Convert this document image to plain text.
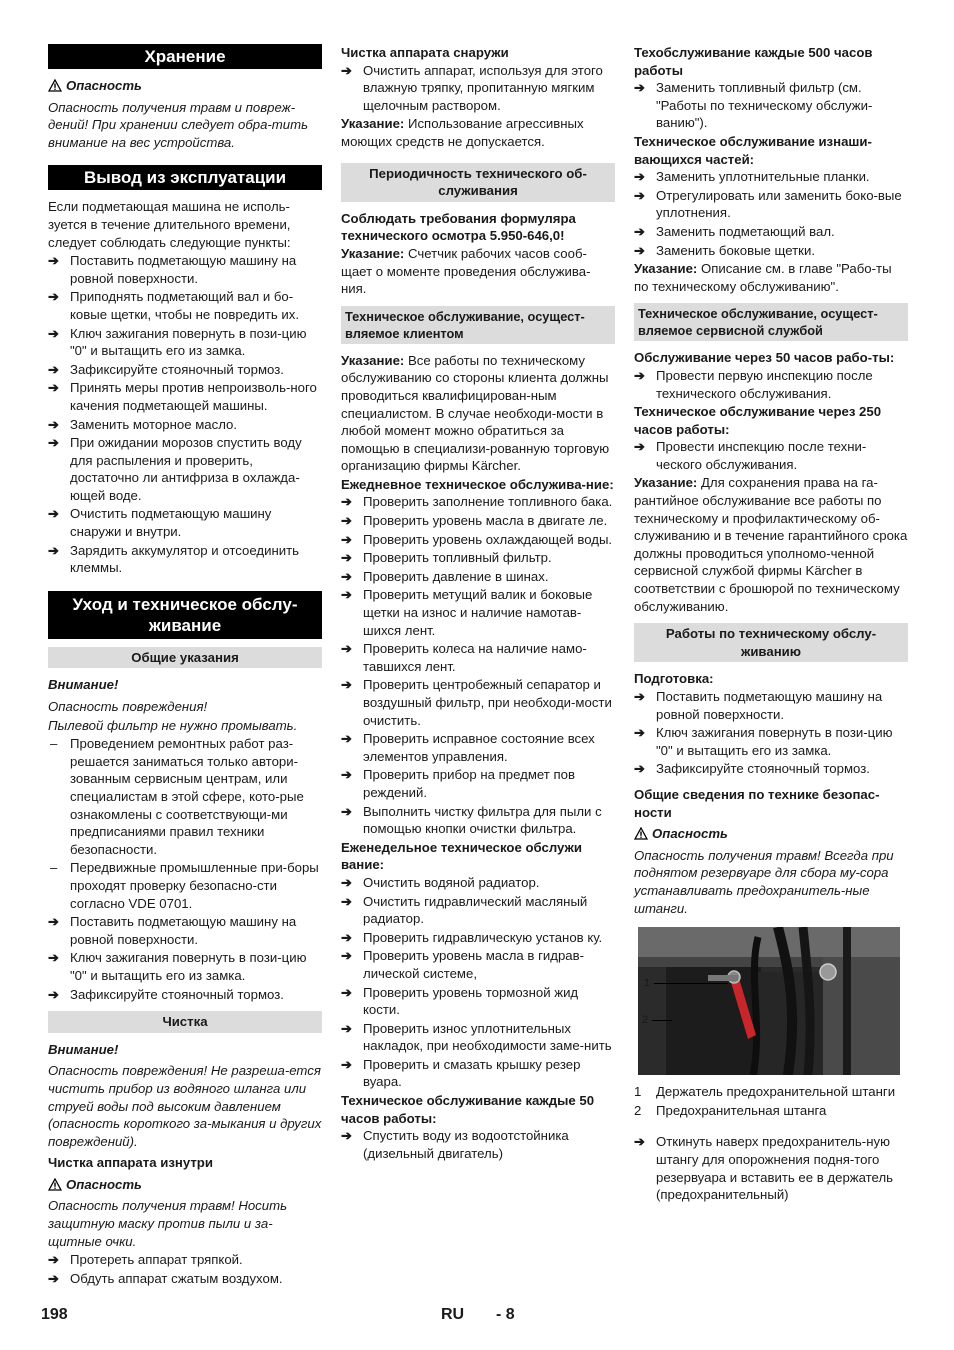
Хранение
Опасность
Опасность получения травм и повреж-дений! При хранении следует обра-тить внимание на вес устройства.
Вывод из эксплуатации
Если подметающая машина не исполь-зуется в течение длительного времени, следует соблюдать следующие пункты:
➔ Поставить подметающую машину на ровной поверхности.
➔ Приподнять подметающий вал и бо-ковые щетки, чтобы не повредить их.
➔ Ключ зажигания повернуть в пози-цию "0" и вытащить его из замка.
➔ Зафиксируйте стояночный тормоз.
➔ Принять меры против непроизволь-ного качения подметающей машины.
➔ Заменить моторное масло.
➔ При ожидании морозов спустить воду для распыления и проверить, достаточно ли антифриза в охлажда-ющей воде.
➔ Очистить подметающую машину снаружи и внутри.
➔ Зарядить аккумулятор и отсоединить клеммы.
Уход и техническое обслу-живание
Общие указания
Внимание!
Опасность повреждения!
Пылевой фильтр не нужно промывать.
– Проведением ремонтных работ раз-решается заниматься только автори-зованным сервисным центрам, или специалистам в этой сфере, кото-рые ознакомлены с соответствующи-ми предписаниями правил техники безопасности.
– Передвижные промышленные при-боры проходят проверку безопасно-сти согласно VDE 0701.
➔ Поставить подметающую машину на ровной поверхности.
➔ Ключ зажигания повернуть в пози-цию "0" и вытащить его из замка.
➔ Зафиксируйте стояночный тормоз.
Чистка
Внимание!
Опасность повреждения! Не разреша-ется чистить прибор из водяного шланга или струей воды под высоким давлением (опасность короткого за-мыкания и других повреждений).
Чистка аппарата изнутри
Опасность
Опасность получения травм! Носить защитную маску против пыли и за-щитные очки.
➔ Протереть аппарат тряпкой.
➔ Обдуть аппарат сжатым воздухом.
Чистка аппарата снаружи
➔ Очистить аппарат, используя для этого влажную тряпку, пропитанную мягким щелочным раствором.
Указание: Использование агрессивных моющих средств не допускается.
Периодичность технического об-служивания
Соблюдать требования формуляра технического осмотра 5.950-646,0!
Указание: Счетчик рабочих часов сооб-щает о моменте проведения обслужива-ния.
Техническое обслуживание, осущест-вляемое клиентом
Указание: Все работы по техническому обслуживанию со стороны клиента должны проводиться квалифицирован-ным специалистом. В случае необходи-мости в любой момент можно обратиться за помощью в специализи-рованную торговую организацию фирмы Kärcher.
Ежедневное техническое обслужива-ние:
➔ Проверить заполнение топливного бака.
➔ Проверить уровень масла в двигате ле.
➔ Проверить уровень охлаждающей воды.
➔ Проверить топливный фильтр.
➔ Проверить давление в шинах.
➔ Проверить метущий валик и боковые щетки на износ и наличие намотав-шихся лент.
➔ Проверить колеса на наличие намо-тавшихся лент.
➔ Проверить центробежный сепаратор и воздушный фильтр, при необходи-мости очистить.
➔ Проверить исправное состояние всех элементов управления.
➔ Проверить прибор на предмет пов реждений.
➔ Выполнить чистку фильтра для пыли с помощью кнопки очистки фильтра.
Еженедельное техническое обслужи вание:
➔ Очистить водяной радиатор.
➔ Очистить гидравлический масляный радиатор.
➔ Проверить гидравлическую установ ку.
➔ Проверить уровень масла в гидрав-лической системе,
➔ Проверить уровень тормозной жид кости.
➔ Проверить износ уплотнительных накладок, при необходимости заме-нить
➔ Проверить и смазать крышку резер вуара.
Техническое обслуживание каждые 50 часов работы:
➔ Спустить воду из водоотстойника (дизельный двигатель)
Техобслуживание каждые 500 часов работы
➔ Заменить топливный фильтр (см. "Работы по техническому обслужи-ванию").
Техническое обслуживание изнаши-вающихся частей:
➔ Заменить уплотнительные планки.
➔ Отрегулировать или заменить боко-вые уплотнения.
➔ Заменить подметающий вал.
➔ Заменить боковые щетки.
Указание: Описание см. в главе "Рабо-ты по техническому обслуживанию".
Техническое обслуживание, осущест-вляемое сервисной службой
Обслуживание через 50 часов рабо-ты:
➔ Провести первую инспекцию после технического обслуживания.
Техническое обслуживание через 250 часов работы:
➔ Провести инспекцию после техни-ческого обслуживания.
Указание: Для сохранения права на га-рантийное обслуживание все работы по техническому и профилактическому об-служиванию и в течение гарантийного срока должны проводиться уполномо-ченной сервисной службой фирмы Kärcher в соответствии с брошюрой по техническому обслуживанию.
Работы по техническому обслу-живанию
Подготовка:
➔ Поставить подметающую машину на ровной поверхности.
➔ Ключ зажигания повернуть в пози-цию "0" и вытащить его из замка.
➔ Зафиксируйте стояночный тормоз.
Общие сведения по технике безопас-ности
Опасность
Опасность получения травм! Всегда при поднятом резервуаре для сбора му-сора устанавливать предохранитель-ные штанги.
1
2
1 Держатель предохранительной штанги
2 Предохранительная штанга
➔ Откинуть наверх предохранитель-ную штангу для опорожнения подня-того резервуара и вставить ее в держатель (предохранительный)
198	RU - 8
